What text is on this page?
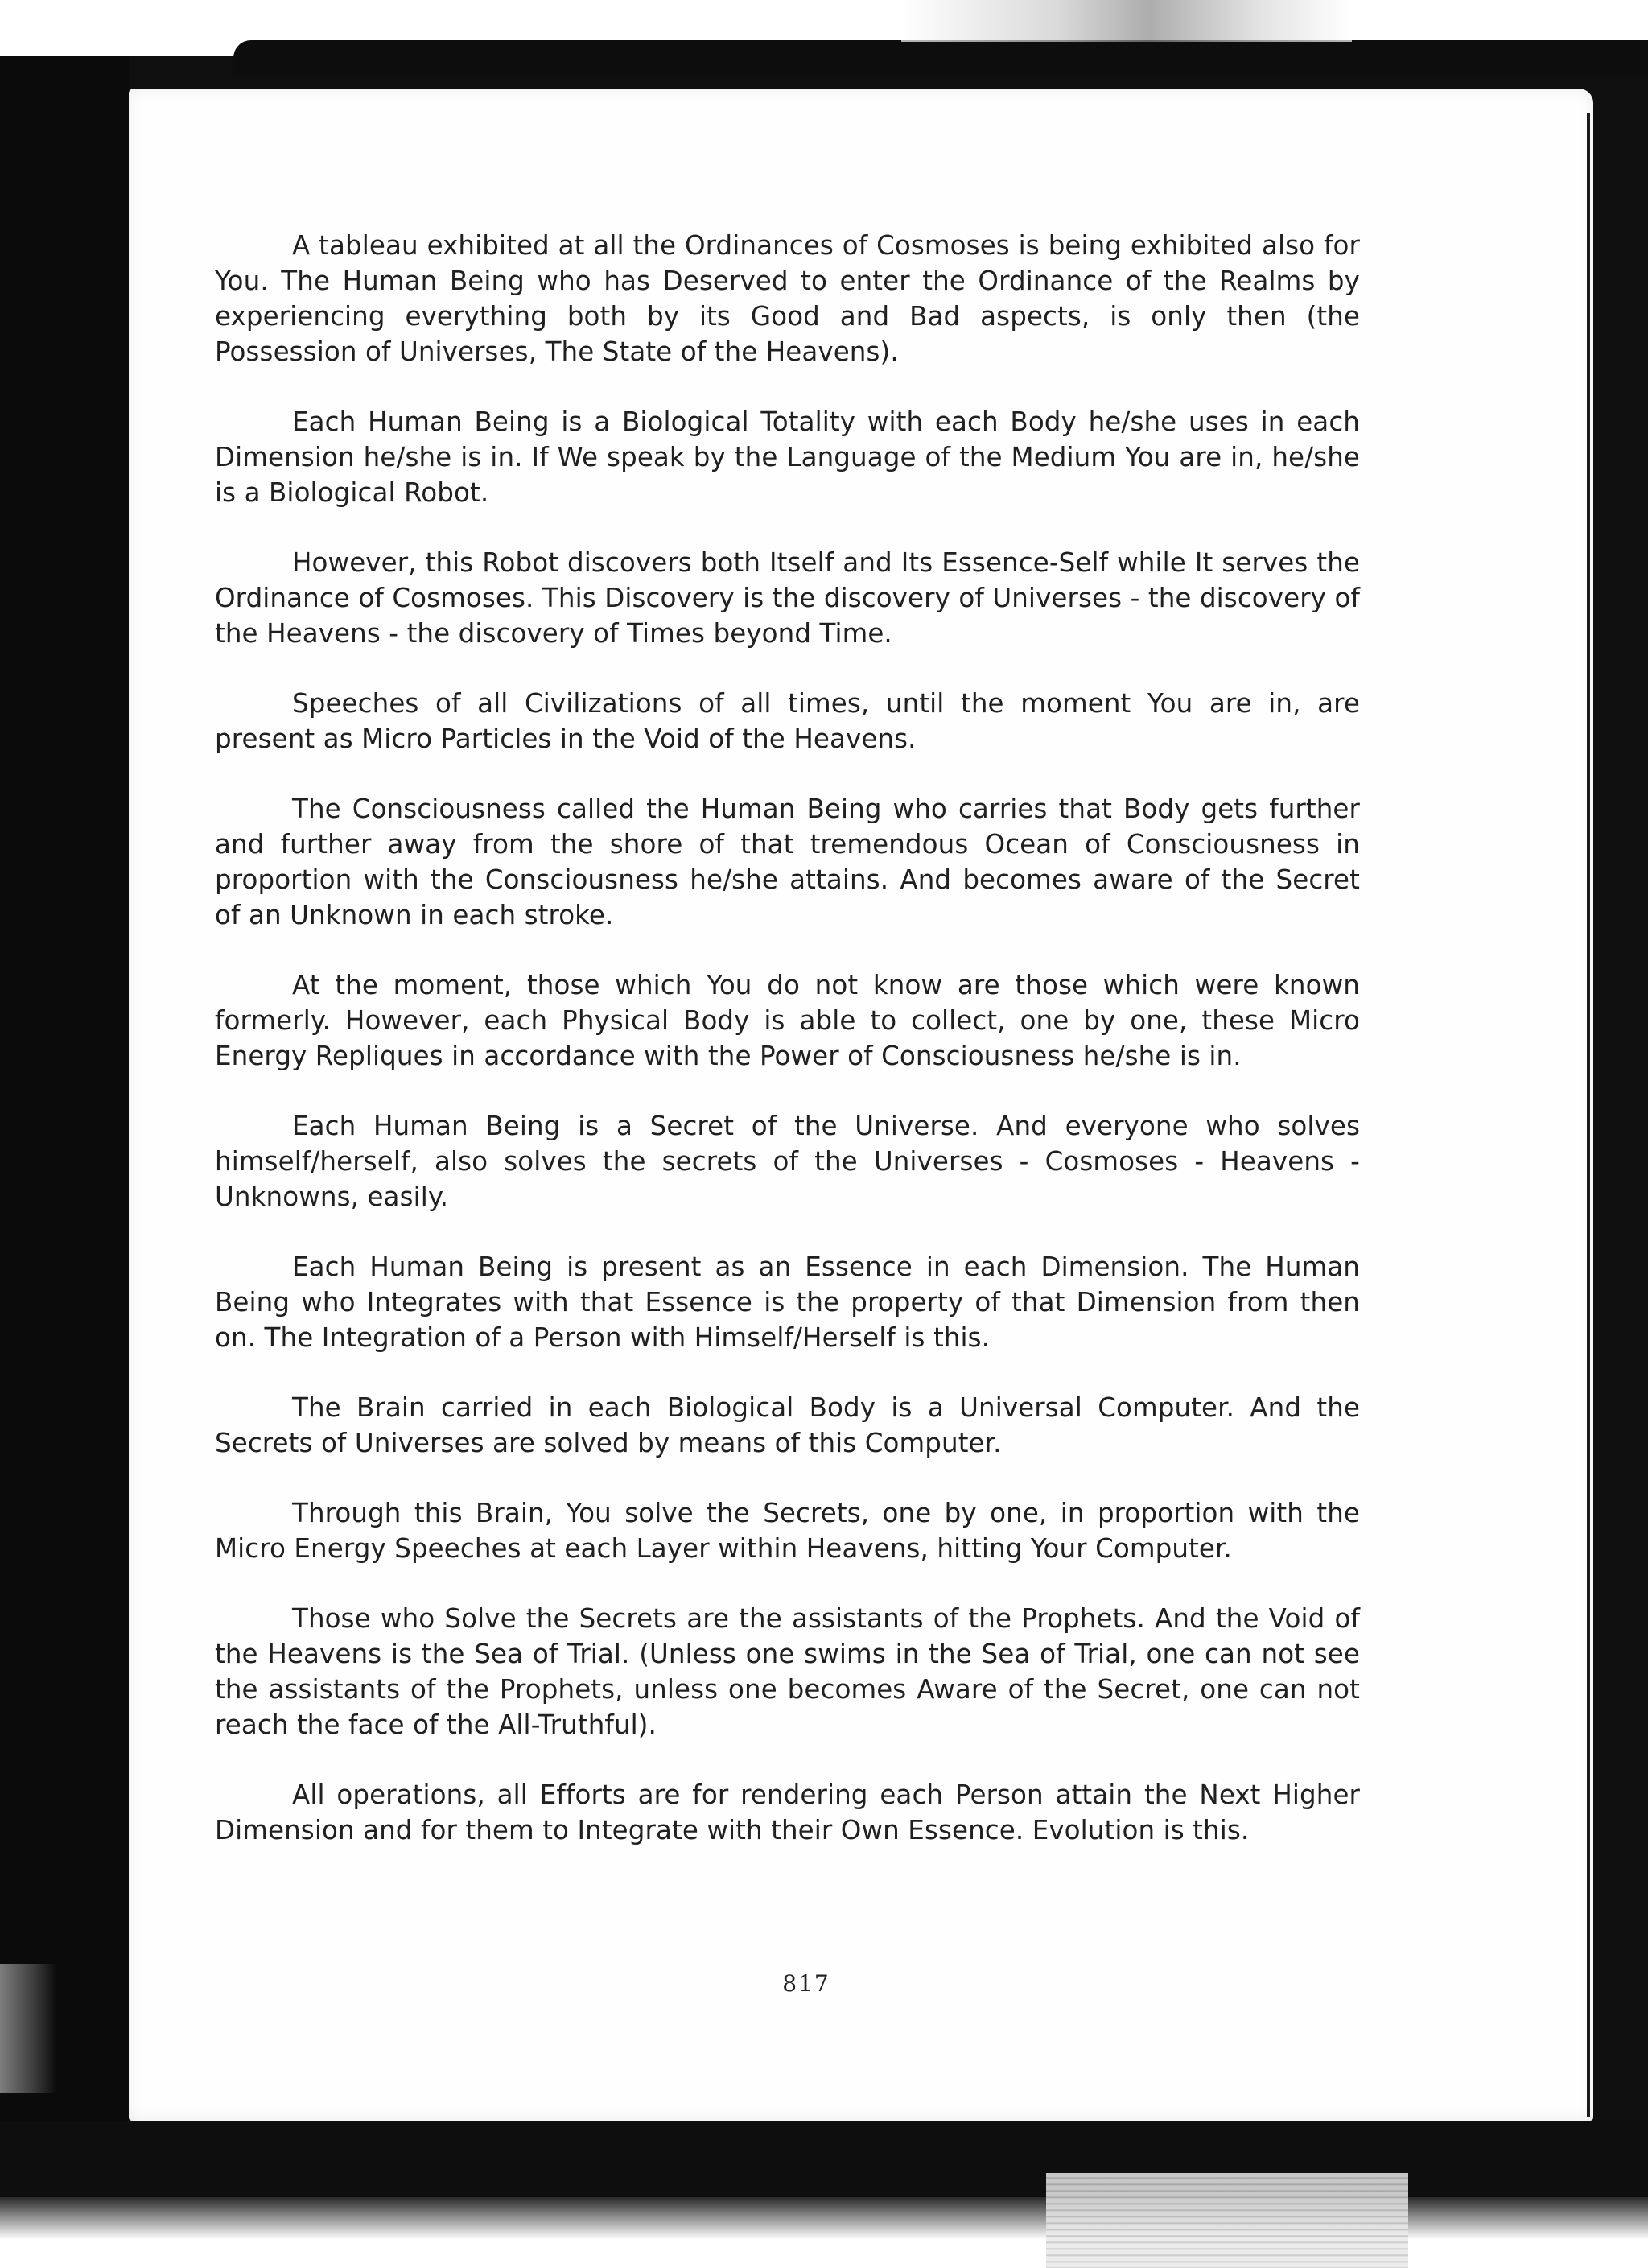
A tableau exhibited at all the Ordinances of Cosmoses is being exhibited also for You. The Human Being who has Deserved to enter the Ordinance of the Realms by experiencing everything both by its Good and Bad aspects, is only then (the Possession of Universes, The State of the Heavens).

Each Human Being is a Biological Totality with each Body he/she uses in each Dimension he/she is in. If We speak by the Language of the Medium You are in, he/she is a Biological Robot.

However, this Robot discovers both Itself and Its Essence-Self while It serves the Ordinance of Cosmoses. This Discovery is the discovery of Universes - the discovery of the Heavens - the discovery of Times beyond Time.

Speeches of all Civilizations of all times, until the moment You are in, are present as Micro Particles in the Void of the Heavens.

The Consciousness called the Human Being who carries that Body gets further and further away from the shore of that tremendous Ocean of Consciousness in proportion with the Consciousness he/she attains. And becomes aware of the Secret of an Unknown in each stroke.

At the moment, those which You do not know are those which were known formerly. However, each Physical Body is able to collect, one by one, these Micro Energy Repliques in accordance with the Power of Consciousness he/she is in.

Each Human Being is a Secret of the Universe. And everyone who solves himself/herself, also solves the secrets of the Universes - Cosmoses - Heavens - Unknowns, easily.

Each Human Being is present as an Essence in each Dimension. The Human Being who Integrates with that Essence is the property of that Dimension from then on. The Integration of a Person with Himself/Herself is this.

The Brain carried in each Biological Body is a Universal Computer. And the Secrets of Universes are solved by means of this Computer.

Through this Brain, You solve the Secrets, one by one, in proportion with the Micro Energy Speeches at each Layer within Heavens, hitting Your Computer.

Those who Solve the Secrets are the assistants of the Prophets. And the Void of the Heavens is the Sea of Trial. (Unless one swims in the Sea of Trial, one can not see the assistants of the Prophets, unless one becomes Aware of the Secret, one can not reach the face of the All-Truthful).

All operations, all Efforts are for rendering each Person attain the Next Higher Dimension and for them to Integrate with their Own Essence. Evolution is this.

817
